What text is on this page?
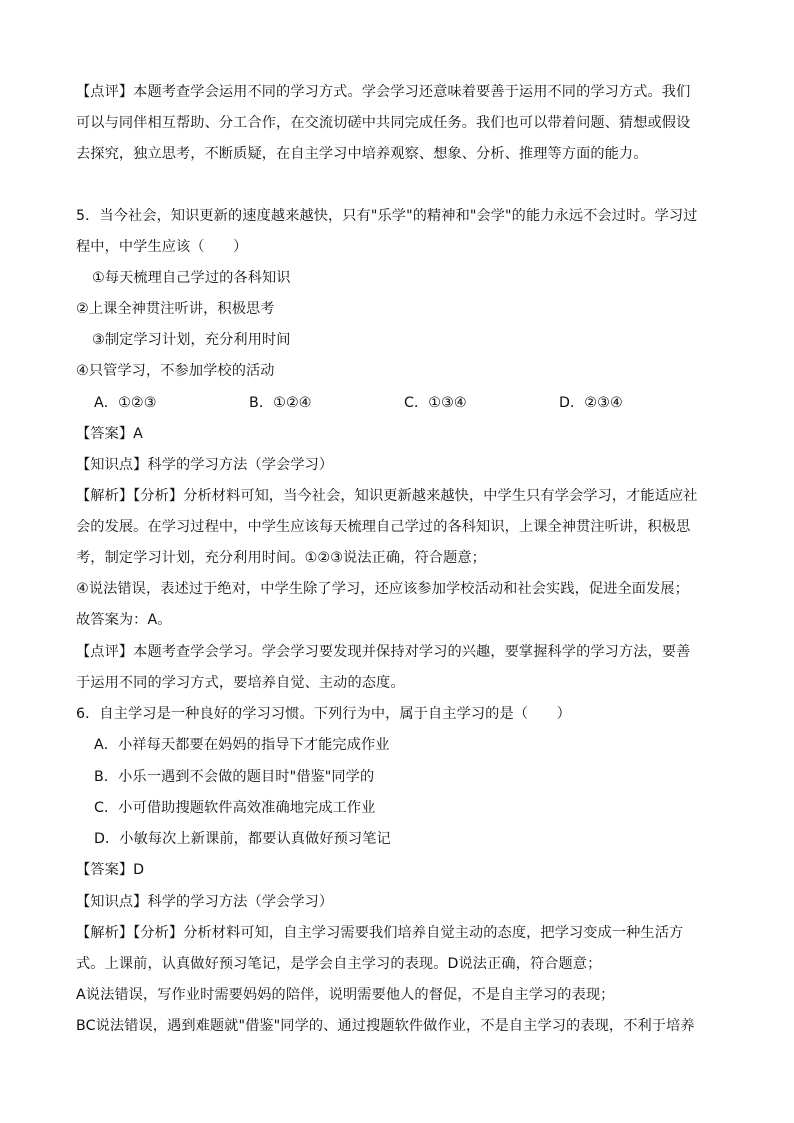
【点评】本题考查学会运用不同的学习方式。学会学习还意味着要善于运用不同的学习方式。我们
可以与同伴相互帮助、分工合作，在交流切磋中共同完成任务。我们也可以带着问题、猜想或假设
去探究，独立思考，不断质疑，在自主学习中培养观察、想象、分析、推理等方面的能力。
5．当今社会，知识更新的速度越来越快，只有"乐学"的精神和"会学"的能力永远不会过时。学习过
程中，中学生应该（　　）
①每天梳理自己学过的各科知识
②上课全神贯注听讲，积极思考
③制定学习计划，充分利用时间
④只管学习，不参加学校的活动
A．①②③	B．①②④	C．①③④	D．②③④
【答案】A
【知识点】科学的学习方法（学会学习）
【解析】【分析】分析材料可知，当今社会，知识更新越来越快，中学生只有学会学习，才能适应社
会的发展。在学习过程中，中学生应该每天梳理自己学过的各科知识，上课全神贯注听讲，积极思
考，制定学习计划，充分利用时间。①②③说法正确，符合题意；
④说法错误，表述过于绝对，中学生除了学习，还应该参加学校活动和社会实践，促进全面发展；
故答案为：A。
【点评】本题考查学会学习。学会学习要发现并保持对学习的兴趣，要掌握科学的学习方法，要善
于运用不同的学习方式，要培养自觉、主动的态度。
6．自主学习是一种良好的学习习惯。下列行为中，属于自主学习的是（　　）
A．小祥每天都要在妈妈的指导下才能完成作业
B．小乐一遇到不会做的题目时"借鉴"同学的
C．小可借助搜题软件高效准确地完成工作业
D．小敏每次上新课前，都要认真做好预习笔记
【答案】D
【知识点】科学的学习方法（学会学习）
【解析】【分析】分析材料可知，自主学习需要我们培养自觉主动的态度，把学习变成一种生活方
式。上课前，认真做好预习笔记，是学会自主学习的表现。D说法正确，符合题意；
A说法错误，写作业时需要妈妈的陪伴，说明需要他人的督促，不是自主学习的表现；
BC说法错误，遇到难题就"借鉴"同学的、通过搜题软件做作业，不是自主学习的表现，不利于培养
